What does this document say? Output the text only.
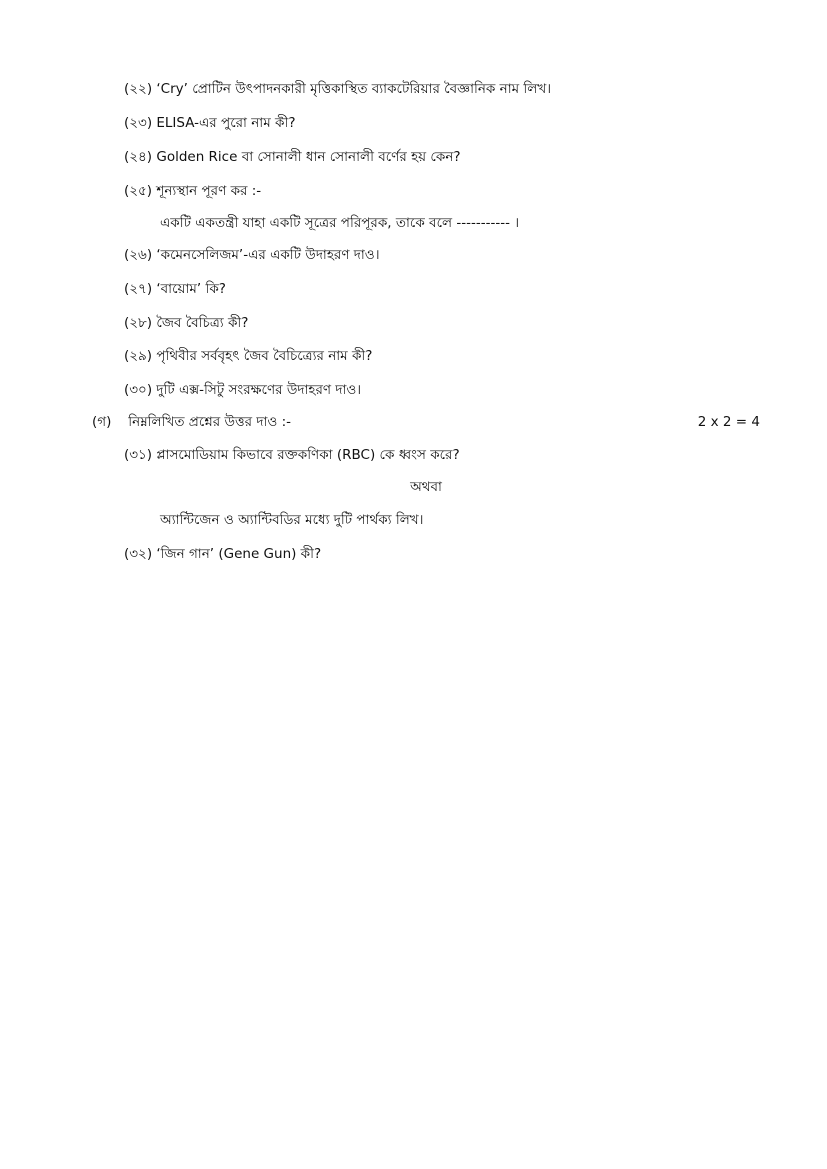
(২২) ‘Cry’ প্রোটিন উৎপাদনকারী মৃত্তিকাস্থিত ব্যাকটেরিয়ার বৈজ্ঞানিক নাম লিখ।
(২৩) ELISA-এর পুরো নাম কী?
(২৪) Golden Rice বা সোনালী ধান সোনালী বর্ণের হয় কেন?
(২৫) শূন্যস্থান পূরণ কর :-
একটি একতন্ত্রী যাহা একটি সূত্রের পরিপূরক, তাকে বলে ----------- ।
(২৬) ‘কমেনসেলিজম’-এর একটি উদাহরণ দাও।
(২৭) ‘বায়োম’ কি?
(২৮) জৈব বৈচিত্র্য কী?
(২৯) পৃথিবীর সর্ববৃহৎ জৈব বৈচিত্র্যের নাম কী?
(৩০) দুটি এক্স-সিটু সংরক্ষণের উদাহরণ দাও।
(গ) নিম্নলিখিত প্রশ্নের উত্তর দাও :-	2 x 2 = 4
(৩১) প্লাসমোডিয়াম কিভাবে রক্তকণিকা (RBC) কে ধ্বংস করে?
অথবা
অ্যান্টিজেন ও অ্যান্টিবডির মধ্যে দুটি পার্থক্য লিখ।
(৩২) ‘জিন গান’ (Gene Gun) কী?
